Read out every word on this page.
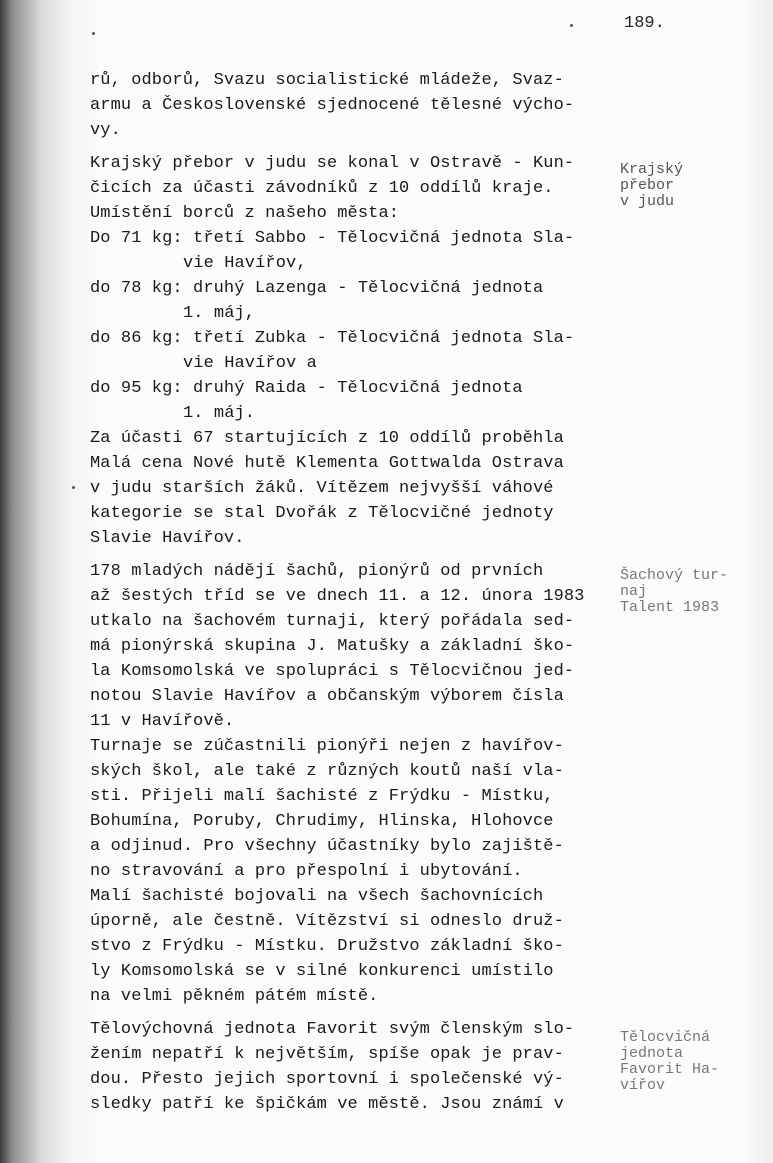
189.
rů, odborů, Svazu socialistické mládeže, Svaz-
armu a Československé sjednocené tělesné výcho-
vy.
Krajský přebor v judu se konal v Ostravě - Kun-
čicích za účasti závodníků z 10 oddílů kraje.
Umístění borců z našeho města:
Do 71 kg: třetí Sabbo - Tělocvičná jednota Sla-
vie Havířov,
do 78 kg: druhý Lazenga - Tělocvičná jednota
1. máj,
do 86 kg: třetí Zubka - Tělocvičná jednota Sla-
vie Havířov a
do 95 kg: druhý Raida - Tělocvičná jednota
1. máj.
Za účasti 67 startujících z 10 oddílů proběhla
Malá cena Nové hutě Klementa Gottwalda Ostrava
v judu starších žáků. Vítězem nejvyšší váhové
kategorie se stal Dvořák z Tělocvičné jednoty
Slavie Havířov.
178 mladých nádějí šachů, pionýrů od prvních
až šestých tříd se ve dnech 11. a 12. února 1983
utkalo na šachovém turnaji, který pořádala sed-
má pionýrská skupina J. Matušky a základní ško-
la Komsomolská ve spolupráci s Tělocvičnou jed-
notou Slavie Havířov a občanským výborem čísla
11 v Havířově.
Turnaje se zúčastnili pionýři nejen z havířov-
ských škol, ale také z různých koutů naší vla-
sti. Přijeli malí šachisté z Frýdku - Místku,
Bohumína, Poruby, Chrudimy, Hlinska, Hlohovce
a odjinud. Pro všechny účastníky bylo zajiště-
no stravování a pro přespolní i ubytování.
Malí šachisté bojovali na všech šachovnících
úporně, ale čestně. Vítězství si odneslo druž-
stvo z Frýdku - Místku. Družstvo základní ško-
ly Komsomolská se v silné konkurenci umístilo
na velmi pěkném pátém místě.
Tělovýchovná jednota Favorit svým členským slo-
žením nepatří k největším, spíše opak je prav-
dou. Přesto jejich sportovní i společenské vý-
sledky patří ke špičkám ve městě. Jsou známí v
Krajský
přebor
v judu
Šachový tur-
naj
Talent 1983
Tělocvičná
jednota
Favorit Ha-
vířov
